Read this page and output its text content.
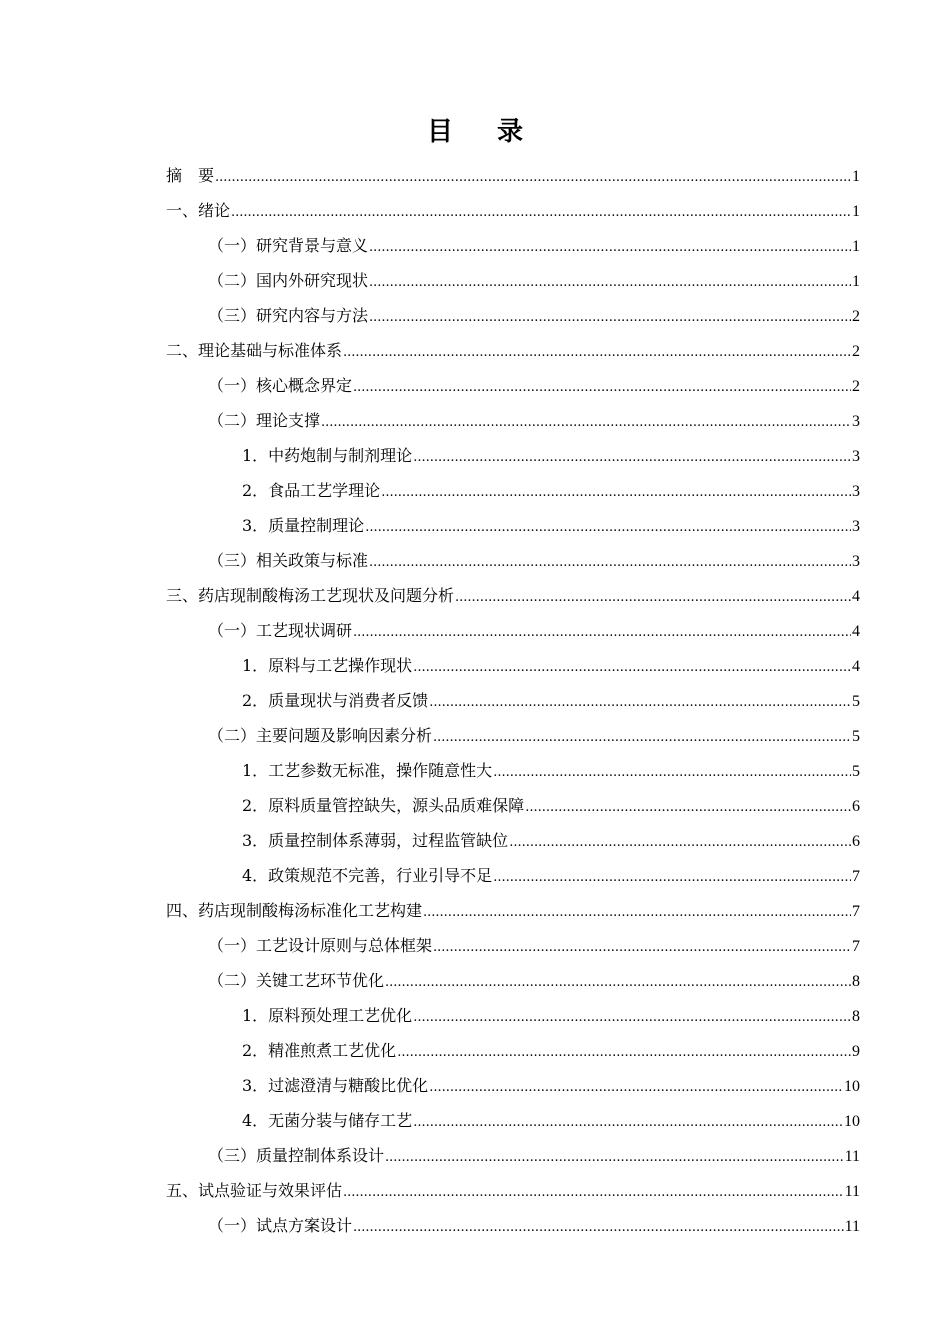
目 录
摘　要 .....	1
一、绪论 .....	1
（一）研究背景与意义 .....	1
（二）国内外研究现状 .....	1
（三）研究内容与方法 .....	2
二、理论基础与标准体系 .....	2
（一）核心概念界定 .....	2
（二）理论支撑 .....	3
1．中药炮制与制剂理论 .....	3
2．食品工艺学理论 .....	3
3．质量控制理论 .....	3
（三）相关政策与标准 .....	3
三、药店现制酸梅汤工艺现状及问题分析 .....	4
（一）工艺现状调研 .....	4
1．原料与工艺操作现状 .....	4
2．质量现状与消费者反馈 .....	5
（二）主要问题及影响因素分析 .....	5
1．工艺参数无标准，操作随意性大 .....	5
2．原料质量管控缺失，源头品质难保障 .....	6
3．质量控制体系薄弱，过程监管缺位 .....	6
4．政策规范不完善，行业引导不足 .....	7
四、药店现制酸梅汤标准化工艺构建 .....	7
（一）工艺设计原则与总体框架 .....	7
（二）关键工艺环节优化 .....	8
1．原料预处理工艺优化 .....	8
2．精准煎煮工艺优化 .....	9
3．过滤澄清与糖酸比优化 .....	10
4．无菌分装与储存工艺 .....	10
（三）质量控制体系设计 .....	11
五、试点验证与效果评估 .....	11
（一）试点方案设计 .....	11
